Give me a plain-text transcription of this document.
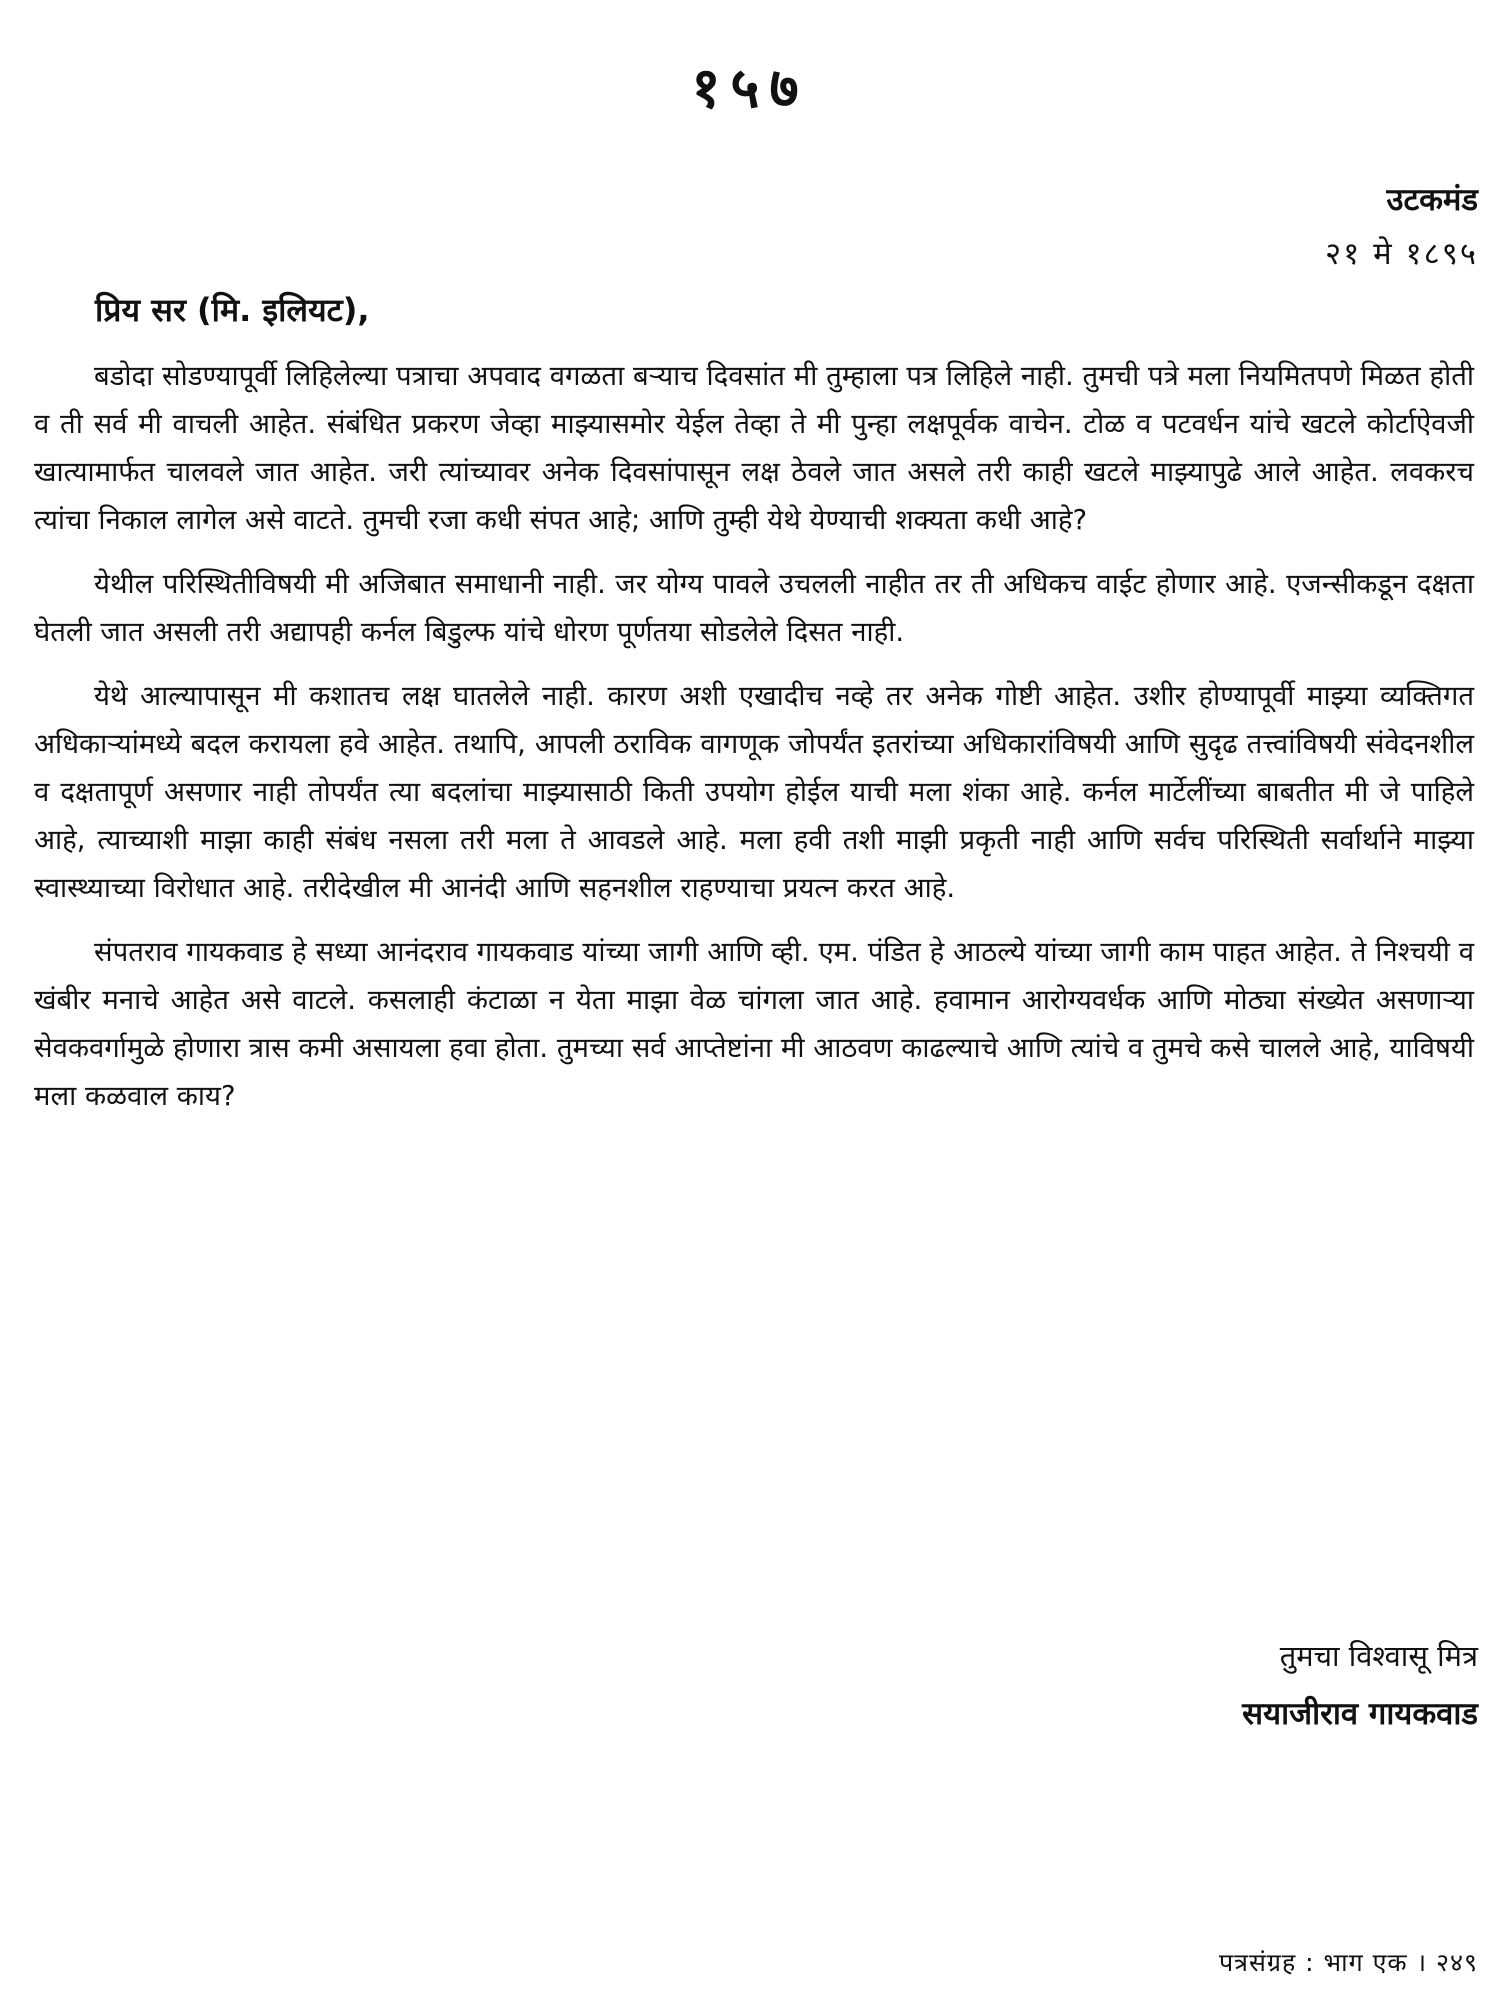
१५७
उटकमंड
२१ मे १८९५
प्रिय सर (मि. इलियट),

बडोदा सोडण्यापूर्वी लिहिलेल्या पत्राचा अपवाद वगळता बऱ्याच दिवसांत मी तुम्हाला पत्र लिहिले नाही. तुमची पत्रे मला नियमितपणे मिळत होती व ती सर्व मी वाचली आहेत. संबंधित प्रकरण जेव्हा माझ्यासमोर येईल तेव्हा ते मी पुन्हा लक्षपूर्वक वाचेन. टोळ व पटवर्धन यांचे खटले कोर्टाऐवजी खात्यामार्फत चालवले जात आहेत. जरी त्यांच्यावर अनेक दिवसांपासून लक्ष ठेवले जात असले तरी काही खटले माझ्यापुढे आले आहेत. लवकरच त्यांचा निकाल लागेल असे वाटते. तुमची रजा कधी संपत आहे; आणि तुम्ही येथे येण्याची शक्यता कधी आहे?

येथील परिस्थितीविषयी मी अजिबात समाधानी नाही. जर योग्य पावले उचलली नाहीत तर ती अधिकच वाईट होणार आहे. एजन्सीकडून दक्षता घेतली जात असली तरी अद्यापही कर्नल बिडुल्फ यांचे धोरण पूर्णतया सोडलेले दिसत नाही.

येथे आल्यापासून मी कशातच लक्ष घातलेले नाही. कारण अशी एखादीच नव्हे तर अनेक गोष्टी आहेत. उशीर होण्यापूर्वी माझ्या व्यक्तिगत अधिकाऱ्यांमध्ये बदल करायला हवे आहेत. तथापि, आपली ठराविक वागणूक जोपर्यंत इतरांच्या अधिकारांविषयी आणि सुदृढ तत्त्वांविषयी संवेदनशील व दक्षतापूर्ण असणार नाही तोपर्यंत त्या बदलांचा माझ्यासाठी किती उपयोग होईल याची मला शंका आहे. कर्नल मार्टेलींच्या बाबतीत मी जे पाहिले आहे, त्याच्याशी माझा काही संबंध नसला तरी मला ते आवडले आहे. मला हवी तशी माझी प्रकृती नाही आणि सर्वच परिस्थिती सर्वार्थाने माझ्या स्वास्थ्याच्या विरोधात आहे. तरीदेखील मी आनंदी आणि सहनशील राहण्याचा प्रयत्न करत आहे.

संपतराव गायकवाड हे सध्या आनंदराव गायकवाड यांच्या जागी आणि व्ही. एम. पंडित हे आठल्ये यांच्या जागी काम पाहत आहेत. ते निश्चयी व खंबीर मनाचे आहेत असे वाटले. कसलाही कंटाळा न येता माझा वेळ चांगला जात आहे. हवामान आरोग्यवर्धक आणि मोठ्या संख्येत असणाऱ्या सेवकवर्गामुळे होणारा त्रास कमी असायला हवा होता. तुमच्या सर्व आप्तेष्टांना मी आठवण काढल्याचे आणि त्यांचे व तुमचे कसे चालले आहे, याविषयी मला कळवाल काय?

तुमचा विश्वासू मित्र
सयाजीराव गायकवाड
पत्रसंग्रह : भाग एक । २४९
